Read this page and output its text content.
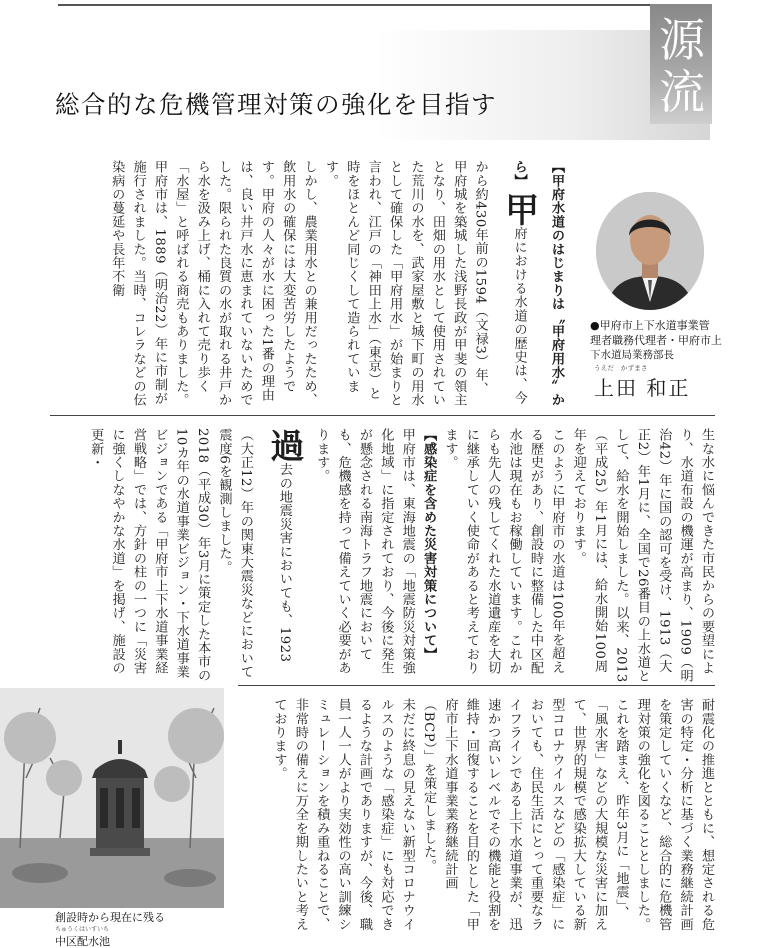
源流
総合的な危機管理対策の強化を目指す
【甲府水道のはじまりは〝甲府用水〟から】 甲府における水道の歴史は、今から約430年前の1594（文禄3）年、甲府城を築城した浅野長政が甲斐の領主となり、田畑の用水として使用されていた荒川の水を、武家屋敷と城下町の用水として確保した「甲府用水」が始まりと言われ、江戸の「神田上水」（東京）と時をほとんど同じくして造られています。
しかし、農業用水との兼用だったため、飲用水の確保には大変苦労したようです。甲府の人々が水に困った1番の理由は、良い井戸水に恵まれていないためでした。限られた良質の水が取れる井戸から水を汲み上げ、桶に入れて売り歩く「水屋」と呼ばれる商売もありました。
甲府市は、1889（明治22）年に市制が施行されました。当時、コレラなどの伝染病の蔓延や長年不衛
●甲府市上下水道事業管
理者職務代理者・甲府市上
下水道局業務部長
うえだ　かずまさ
上田 和正
生な水に悩んできた市民からの要望により、水道布設の機運が高まり、1909（明治42）年に国の認可を受け、1913（大正2）年1月に、全国で26番目の上水道として、給水を開始しました。以来、2013（平成25）年1月には、給水開始100周年を迎えております。
このように甲府市の水道は100年を超える歴史があり、創設時に整備した中区配水池は現在もお稼働しています。これからも先人の残してくれた水道遺産を大切に継承していく使命があると考えております。
【感染症を含めた災害対策について】
甲府市は、東海地震の「地震防災対策強化地域」に指定されており、今後に発生が懸念される南海トラフ地震においても、危機感を持って備えていく必要があります。
過去の地震災害においても、1923（大正12）年の関東大震災などにおいて震度6を観測しました。
2018（平成30）年3月に策定した本市の10カ年の水道事業ビジョン・下水道事業ビジョンである「甲府市上下水道事業経営戦略」では、方針の柱の一つに「災害に強くしなやかな水道」を掲げ、施設の更新・
耐震化の推進とともに、想定される危害の特定・分析に基づく業務継続計画を策定していくなど、総合的に危機管理対策の強化を図ることとしました。
これを踏まえ、昨年3月に「地震」、「風水害」などの大規模な災害に加えて、世界的規模で感染拡大している新型コロナウイルスなどの「感染症」においても、住民生活にとって重要なライフラインである上下水道事業が、迅速かつ高いレベルでその機能と役割を維持・回復することを目的とした「甲府市上下水道事業業務継続計画（BCP）」を策定しました。
未だに終息の見えない新型コロナウイルスのような「感染症」にも対応できるような計画でありますが、今後、職員一人一人がより実効性の高い訓練シミュレーションを積み重ねることで、非常時の備えに万全を期したいと考えております。
創設時から現在に残る
ちゅうくはいすいち
中区配水池
